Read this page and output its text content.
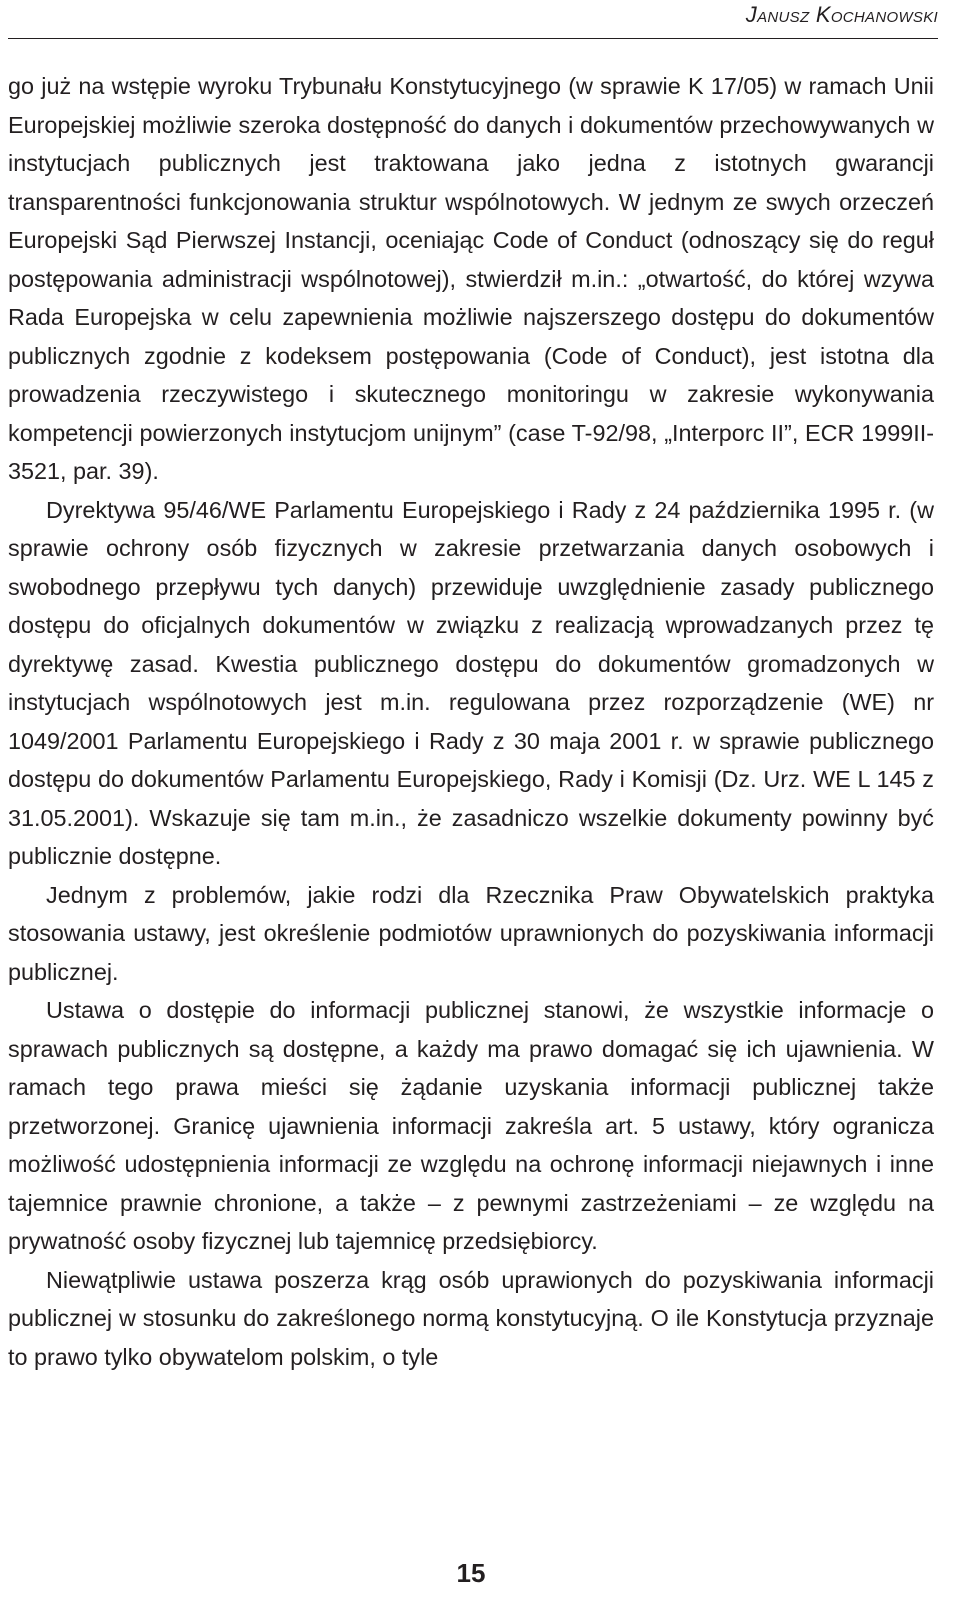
Janusz Kochanowski

go już na wstępie wyroku Trybunału Konstytucyjnego (w sprawie K 17/05) w ramach Unii Europejskiej możliwie szeroka dostępność do danych i dokumentów przechowywanych w instytucjach publicznych jest traktowana jako jedna z istotnych gwarancji transparentności funkcjonowania struktur wspólnotowych. W jednym ze swych orzeczeń Europejski Sąd Pierwszej Instancji, oceniając Code of Conduct (odnoszący się do reguł postępowania administracji wspólnotowej), stwierdził m.in.: „otwartość, do której wzywa Rada Europejska w celu zapewnienia możliwie najszerszego dostępu do dokumentów publicznych zgodnie z kodeksem postępowania (Code of Conduct), jest istotna dla prowadzenia rzeczywistego i skutecznego monitoringu w zakresie wykonywania kompetencji powierzonych instytucjom unijnym” (case T-92/98, „Interporc II”, ECR 1999II-3521, par. 39).

Dyrektywa 95/46/WE Parlamentu Europejskiego i Rady z 24 października 1995 r. (w sprawie ochrony osób fizycznych w zakresie przetwarzania danych osobowych i swobodnego przepływu tych danych) przewiduje uwzględnienie zasady publicznego dostępu do oficjalnych dokumentów w związku z realizacją wprowadzanych przez tę dyrektywę zasad. Kwestia publicznego dostępu do dokumentów gromadzonych w instytucjach wspólnotowych jest m.in. regulowana przez rozporządzenie (WE) nr 1049/2001 Parlamentu Europejskiego i Rady z 30 maja 2001 r. w sprawie publicznego dostępu do dokumentów Parlamentu Europejskiego, Rady i Komisji (Dz. Urz. WE L 145 z 31.05.2001). Wskazuje się tam m.in., że zasadniczo wszelkie dokumenty powinny być publicznie dostępne.

Jednym z problemów, jakie rodzi dla Rzecznika Praw Obywatelskich praktyka stosowania ustawy, jest określenie podmiotów uprawnionych do pozyskiwania informacji publicznej.

Ustawa o dostępie do informacji publicznej stanowi, że wszystkie informacje o sprawach publicznych są dostępne, a każdy ma prawo domagać się ich ujawnienia. W ramach tego prawa mieści się żądanie uzyskania informacji publicznej także przetworzonej. Granicę ujawnienia informacji zakreśla art. 5 ustawy, który ogranicza możliwość udostępnienia informacji ze względu na ochronę informacji niejawnych i inne tajemnice prawnie chronione, a także – z pewnymi zastrzeżeniami – ze względu na prywatność osoby fizycznej lub tajemnicę przedsiębiorcy.

Niewątpliwie ustawa poszerza krąg osób uprawionych do pozyskiwania informacji publicznej w stosunku do zakreślonego normą konstytucyjną. O ile Konstytucja przyznaje to prawo tylko obywatelom polskim, o tyle

15
